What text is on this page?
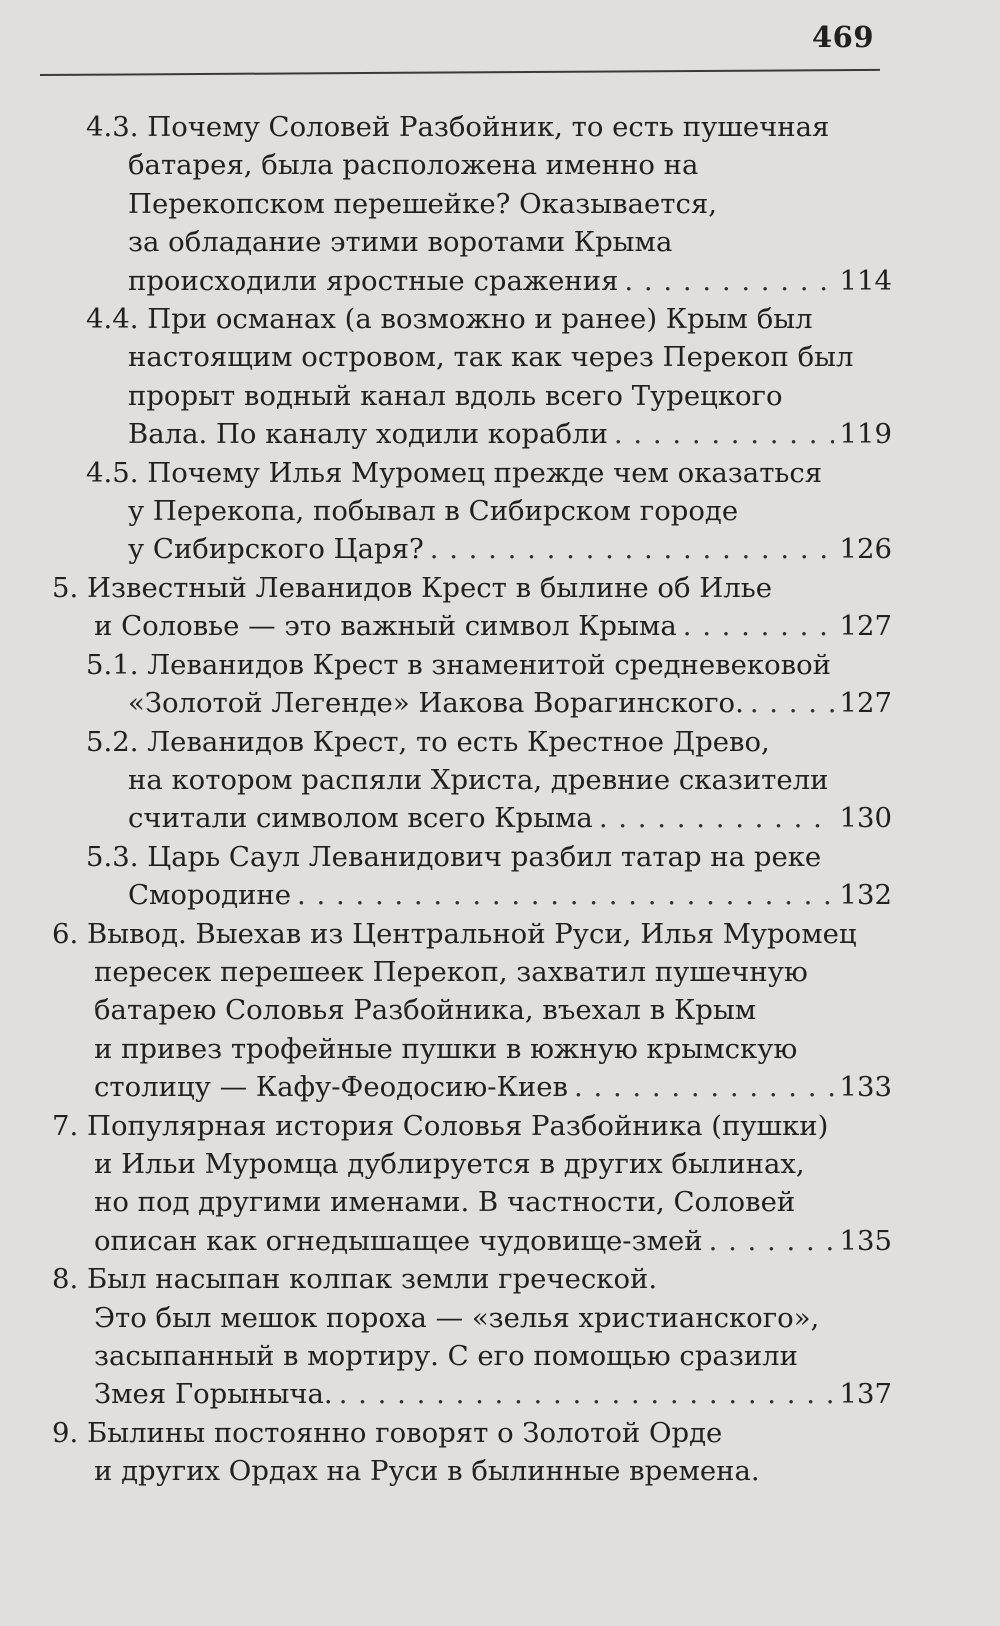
469
4.3. Почему Соловей Разбойник, то есть пушечная
батарея, была расположена именно на
Перекопском перешейке? Оказывается,
за обладание этими воротами Крыма
происходили яростные сражения . . .	114
4.4. При османах (а возможно и ранее) Крым был
настоящим островом, так как через Перекоп был
прорыт водный канал вдоль всего Турецкого
Вала. По каналу ходили корабли . . .	119
4.5. Почему Илья Муромец прежде чем оказаться
у Перекопа, побывал в Сибирском городе
у Сибирского Царя? . . .	126
5. Известный Леванидов Крест в былине об Илье
и Соловье — это важный символ Крыма . . .	127
5.1. Леванидов Крест в знаменитой средневековой
«Золотой Легенде» Иакова Ворагинского. . . .	127
5.2. Леванидов Крест, то есть Крестное Древо,
на котором распяли Христа, древние сказители
считали символом всего Крыма . . .	130
5.3. Царь Саул Леванидович разбил татар на реке
Смородине . . .	132
6. Вывод. Выехав из Центральной Руси, Илья Муромец
пересек перешеек Перекоп, захватил пушечную
батарею Соловья Разбойника, въехал в Крым
и привез трофейные пушки в южную крымскую
столицу — Кафу-Феодосию-Киев . . .	133
7. Популярная история Соловья Разбойника (пушки)
и Ильи Муромца дублируется в других былинах,
но под другими именами. В частности, Соловей
описан как огнедышащее чудовище-змей . . .	135
8. Был насыпан колпак земли греческой.
Это был мешок пороха — «зелья христианского»,
засыпанный в мортиру. С его помощью сразили
Змея Горыныча. . . .	137
9. Былины постоянно говорят о Золотой Орде
и других Ордах на Руси в былинные времена.
